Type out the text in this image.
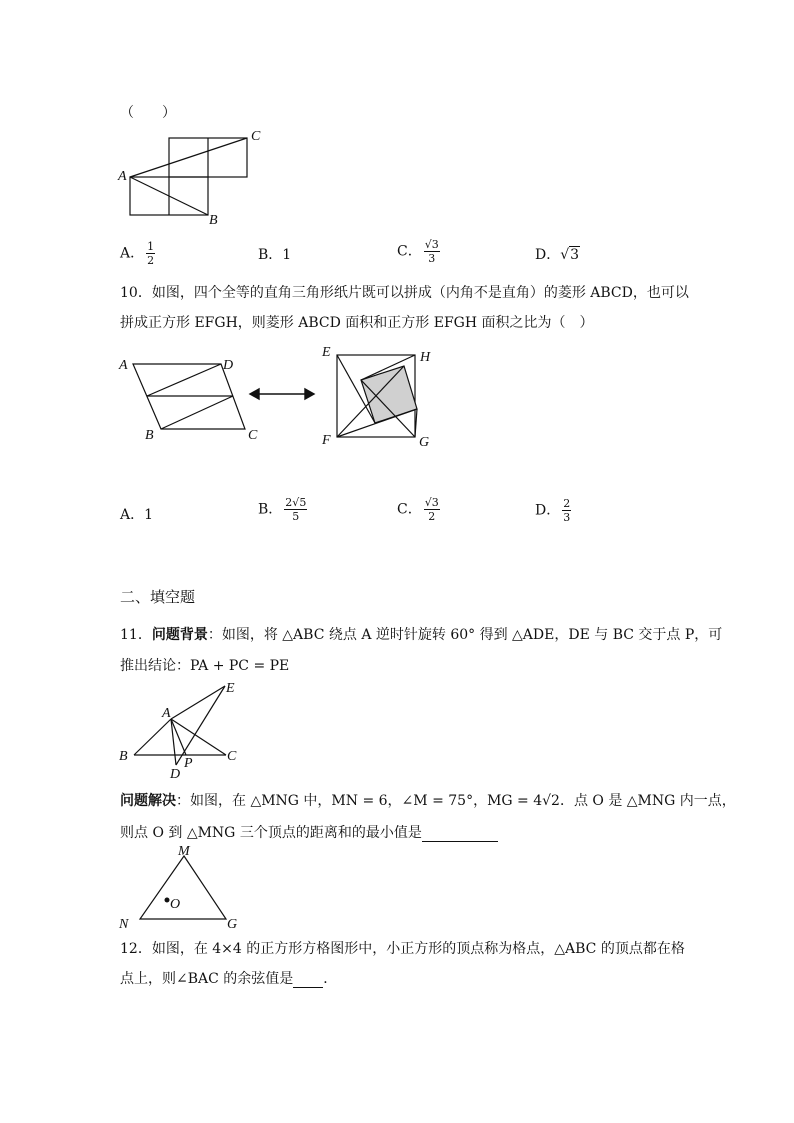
（　　）
C
A
B
A． $\frac{1}{2}$	B．1	C． $\frac{√3}{3}$	D．√3
10．如图，四个全等的直角三角形纸片既可以拼成（内角不是直角）的菱形 ABCD，也可以
拼成正方形 EFGH，则菱形 ABCD 面积和正方形 EFGH 面积之比为（　）
A	D
B	C
E	H
F	G
A．1	B． $\frac{2√5}{5}$	C． $\frac{√3}{2}$	D． $\frac{2}{3}$
二、填空题
11．问题背景：如图，将 △ABC 绕点 A 逆时针旋转 60° 得到 △ADE，DE 与 BC 交于点 P，可
推出结论：PA + PC = PE
A
B	C
D
E
P
问题解决：如图，在 △MNG 中，MN = 6，∠M = 75°，MG = 4√2．点 O 是 △MNG 内一点，
则点 O 到 △MNG 三个顶点的距离和的最小值是
M
N	G
O
12．如图，在 4×4 的正方形方格图形中，小正方形的顶点称为格点，△ABC 的顶点都在格
点上，则∠BAC 的余弦值是 ．
